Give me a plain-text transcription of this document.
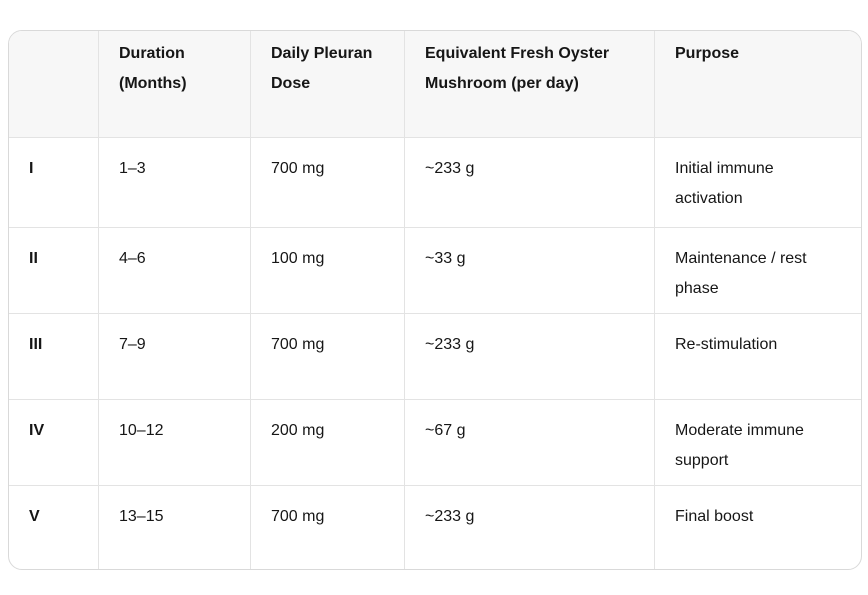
	Duration (Months)	Daily Pleuran Dose	Equivalent Fresh Oyster Mushroom (per day)	Purpose
I	1–3	700 mg	~233 g	Initial immune activation
II	4–6	100 mg	~33 g	Maintenance / rest phase
III	7–9	700 mg	~233 g	Re-stimulation
IV	10–12	200 mg	~67 g	Moderate immune support
V	13–15	700 mg	~233 g	Final boost
